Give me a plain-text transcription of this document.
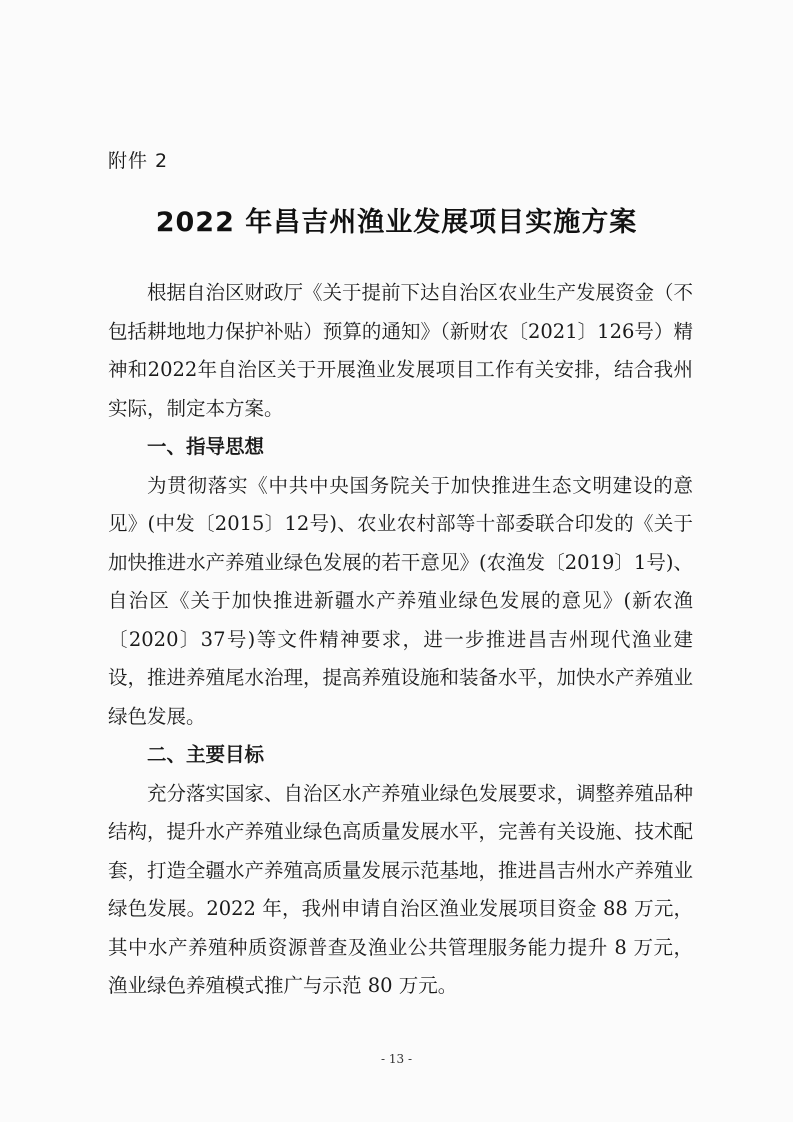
附件 2
2022 年昌吉州渔业发展项目实施方案

根据自治区财政厅《关于提前下达自治区农业生产发展资金（不包括耕地地力保护补贴）预算的通知》（新财农〔2021〕126号）精神和2022年自治区关于开展渔业发展项目工作有关安排，结合我州实际，制定本方案。

一、指导思想

为贯彻落实《中共中央国务院关于加快推进生态文明建设的意见》(中发〔2015〕12号)、农业农村部等十部委联合印发的《关于加快推进水产养殖业绿色发展的若干意见》(农渔发〔2019〕1号)、自治区《关于加快推进新疆水产养殖业绿色发展的意见》(新农渔〔2020〕37号)等文件精神要求，进一步推进昌吉州现代渔业建设，推进养殖尾水治理，提高养殖设施和装备水平，加快水产养殖业绿色发展。

二、主要目标

充分落实国家、自治区水产养殖业绿色发展要求，调整养殖品种结构，提升水产养殖业绿色高质量发展水平，完善有关设施、技术配套，打造全疆水产养殖高质量发展示范基地，推进昌吉州水产养殖业绿色发展。2022 年，我州申请自治区渔业发展项目资金 88 万元，其中水产养殖种质资源普查及渔业公共管理服务能力提升 8 万元，渔业绿色养殖模式推广与示范 80 万元。

- 13 -
